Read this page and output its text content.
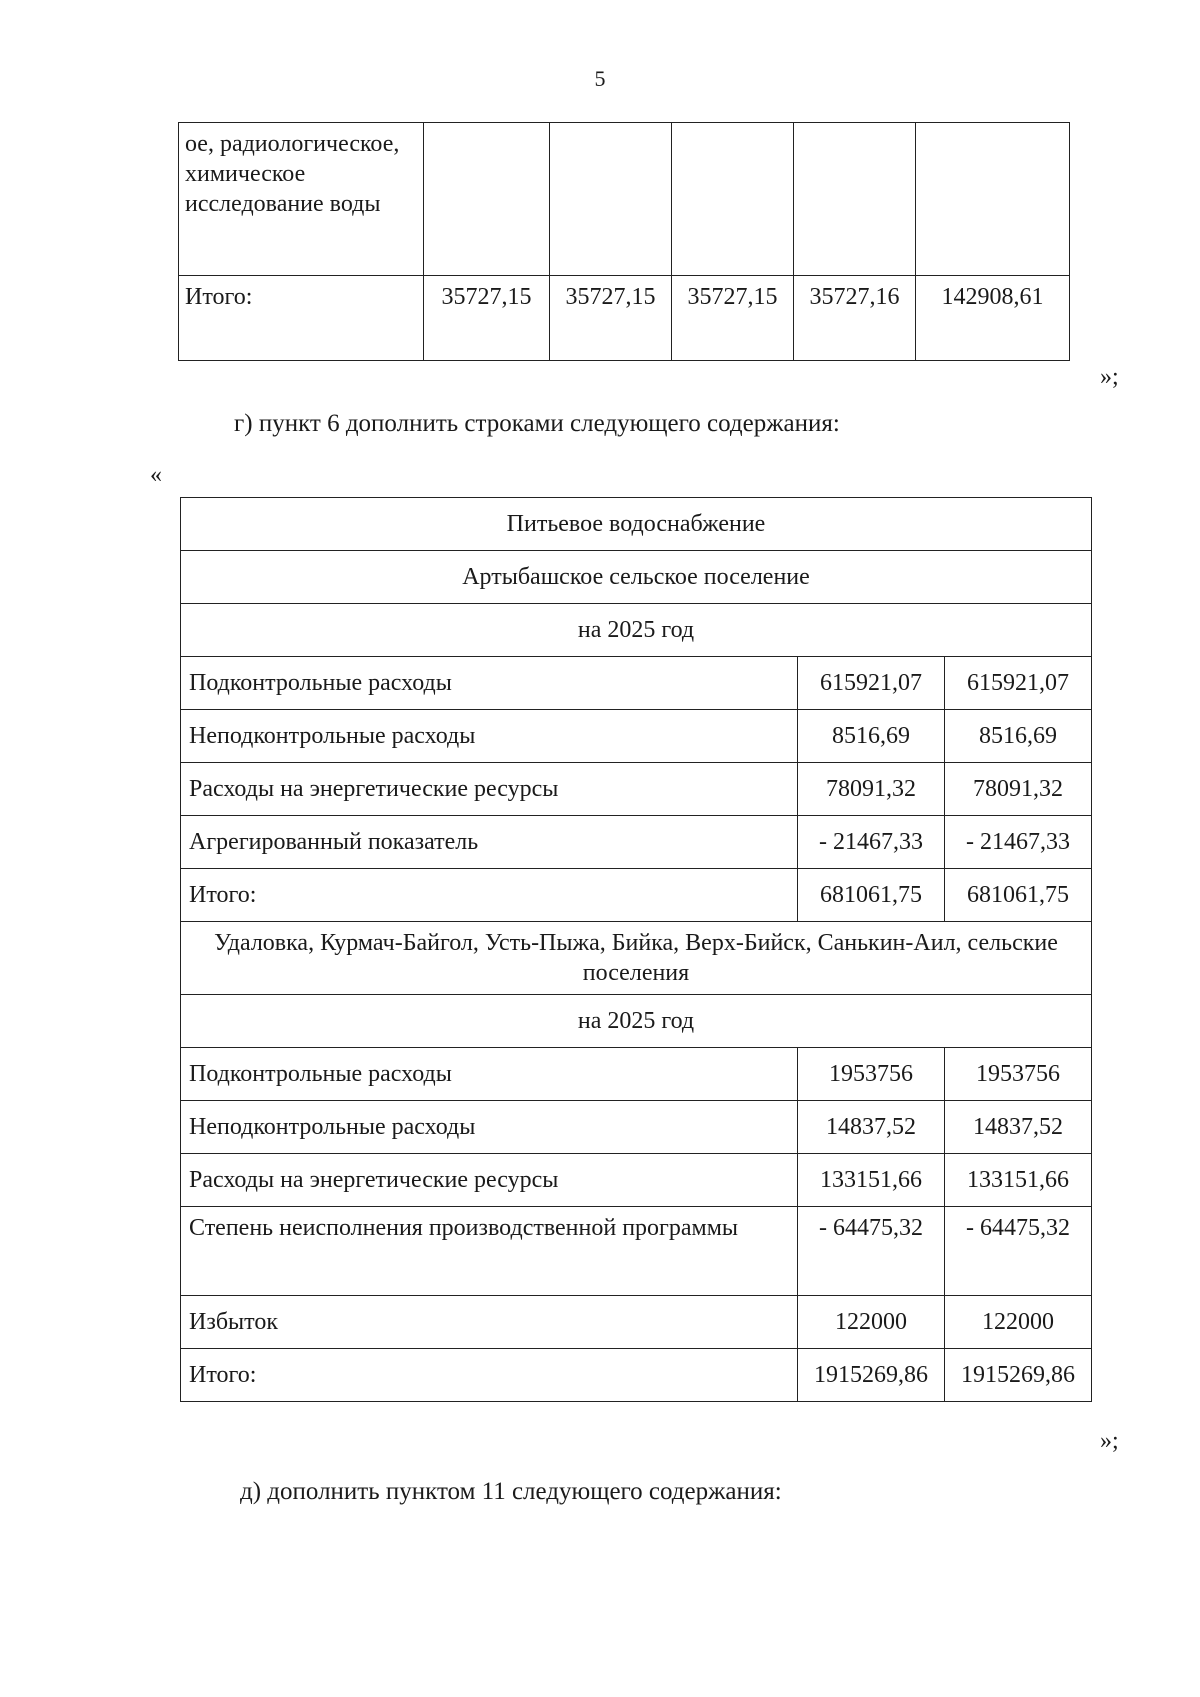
5
ое, радиологическое, химическое исследование воды					
Итого:	35727,15	35727,15	35727,15	35727,16	142908,61
»;
г) пункт 6 дополнить строками следующего содержания:
«
Питьевое водоснабжение		
Артыбашское сельское поселение		
на 2025 год		
Подконтрольные расходы	615921,07	615921,07
Неподконтрольные расходы	8516,69	8516,69
Расходы на энергетические ресурсы	78091,32	78091,32
Агрегированный показатель	- 21467,33	- 21467,33
Итого:	681061,75	681061,75
Удаловка, Курмач-Байгол, Усть-Пыжа, Бийка, Верх-Бийск, Санькин-Аил, сельские поселения		
на 2025 год		
Подконтрольные расходы	1953756	1953756
Неподконтрольные расходы	14837,52	14837,52
Расходы на энергетические ресурсы	133151,66	133151,66
Степень неисполнения производственной программы	- 64475,32	- 64475,32
Избыток	122000	122000
Итого:	1915269,86	1915269,86
»;
д) дополнить пунктом 11 следующего содержания:
